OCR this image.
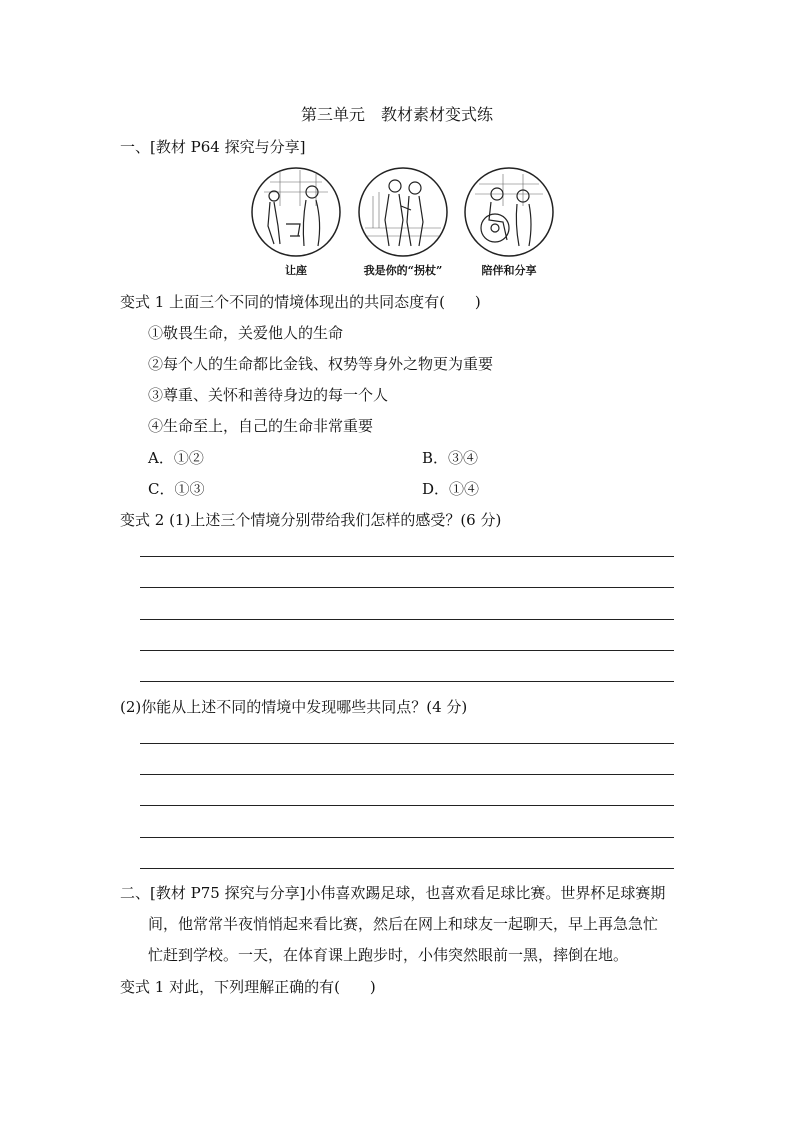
第三单元　教材素材变式练
一、[教材 P64 探究与分享]
让座	我是你的“拐杖”	陪伴和分享
变式 1 上面三个不同的情境体现出的共同态度有(　　)
①敬畏生命，关爱他人的生命
②每个人的生命都比金钱、权势等身外之物更为重要
③尊重、关怀和善待身边的每一个人
④生命至上，自己的生命非常重要
A．①②	B．③④
C．①③	D．①④
变式 2 (1)上述三个情境分别带给我们怎样的感受？(6 分)
(2)你能从上述不同的情境中发现哪些共同点？(4 分)
二、[教材 P75 探究与分享]小伟喜欢踢足球，也喜欢看足球比赛。世界杯足球赛期
间，他常常半夜悄悄起来看比赛，然后在网上和球友一起聊天，早上再急急忙
忙赶到学校。一天，在体育课上跑步时，小伟突然眼前一黑，摔倒在地。
变式 1 对此，下列理解正确的有(　　)
